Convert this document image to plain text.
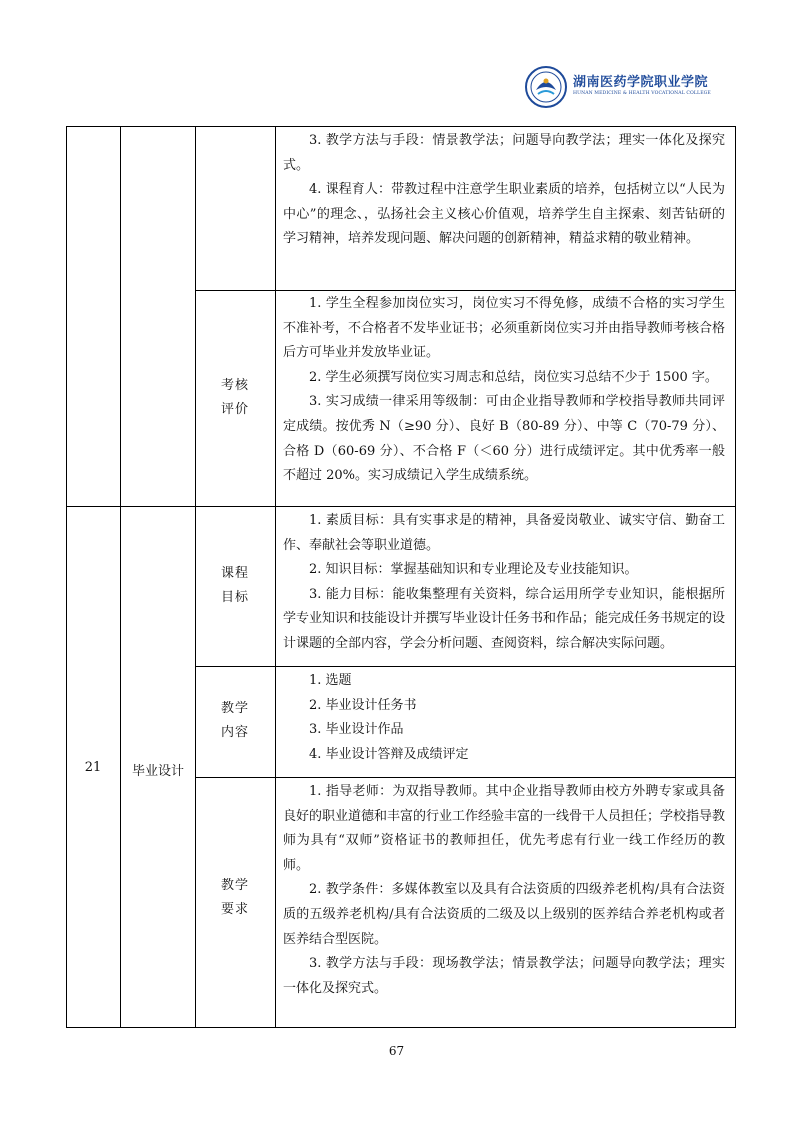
湖南医药学院职业学院
HUNAN MEDICINE & HEALTH VOCATIONAL COLLEGE

3. 教学方法与手段：情景教学法；问题导向教学法；理实一体化及探究式。

4. 课程育人：带教过程中注意学生职业素质的培养，包括树立以“人民为中心”的理念、，弘扬社会主义核心价值观，培养学生自主探索、刻苦钻研的学习精神，培养发现问题、解决问题的创新精神，精益求精的敬业精神。

考核
评价

1. 学生全程参加岗位实习，岗位实习不得免修，成绩不合格的实习学生不准补考，不合格者不发毕业证书；必须重新岗位实习并由指导教师考核合格后方可毕业并发放毕业证。

2. 学生必须撰写岗位实习周志和总结，岗位实习总结不少于 1500 字。

3. 实习成绩一律采用等级制：可由企业指导教师和学校指导教师共同评定成绩。按优秀 N（≥90 分）、良好 B（80-89 分）、中等 C（70-79 分）、合格 D（60-69 分）、不合格 F（＜60 分）进行成绩评定。其中优秀率一般不超过 20%。实习成绩记入学生成绩系统。

21	毕业设计
课程
目标

1. 素质目标：具有实事求是的精神，具备爱岗敬业、诚实守信、勤奋工作、奉献社会等职业道德。

2. 知识目标：掌握基础知识和专业理论及专业技能知识。

3. 能力目标：能收集整理有关资料，综合运用所学专业知识，能根据所学专业知识和技能设计并撰写毕业设计任务书和作品；能完成任务书规定的设计课题的全部内容，学会分析问题、查阅资料，综合解决实际问题。

教学
内容

1. 选题

2. 毕业设计任务书

3. 毕业设计作品

4. 毕业设计答辩及成绩评定

教学
要求

1. 指导老师：为双指导教师。其中企业指导教师由校方外聘专家或具备良好的职业道德和丰富的行业工作经验丰富的一线骨干人员担任；学校指导教师为具有“双师”资格证书的教师担任，优先考虑有行业一线工作经历的教师。

2. 教学条件：多媒体教室以及具有合法资质的四级养老机构/具有合法资质的五级养老机构/具有合法资质的二级及以上级别的医养结合养老机构或者医养结合型医院。

3. 教学方法与手段：现场教学法；情景教学法；问题导向教学法；理实一体化及探究式。

67
